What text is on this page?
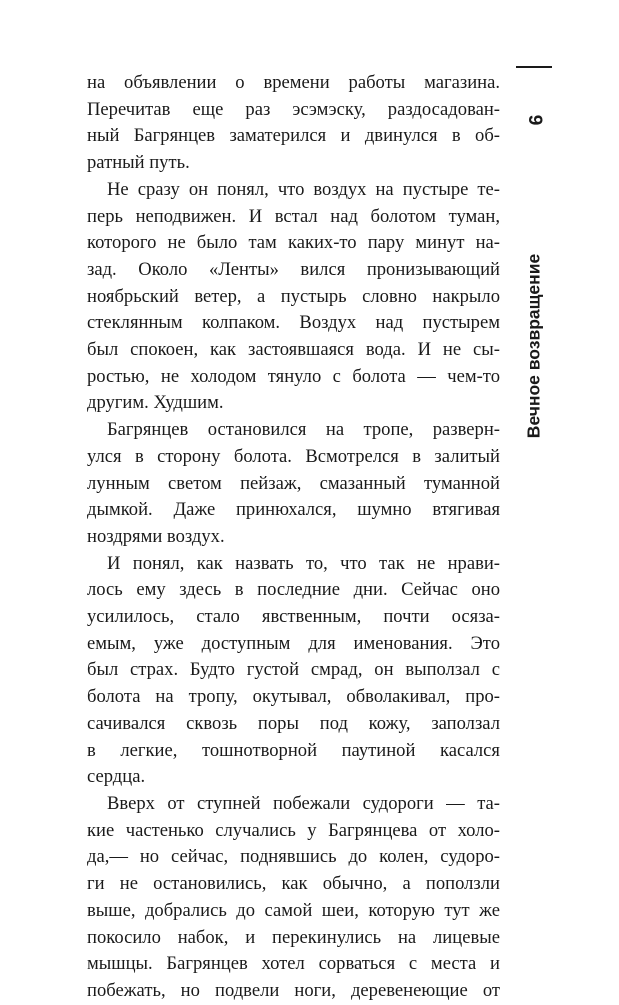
на объявлении о времени работы магазина.
Перечитав еще раз эсэмэску, раздосадован-
ный Багрянцев заматерился и двинулся в об-
ратный путь.
Не сразу он понял, что воздух на пустыре те-
перь неподвижен. И встал над болотом туман,
которого не было там каких-то пару минут на-
зад. Около «Ленты» вился пронизывающий
ноябрьский ветер, а пустырь словно накрыло
стеклянным колпаком. Воздух над пустырем
был спокоен, как застоявшаяся вода. И не сы-
ростью, не холодом тянуло с болота — чем-то
другим. Худшим.
Багрянцев остановился на тропе, разверн-
улся в сторону болота. Всмотрелся в залитый
лунным светом пейзаж, смазанный туманной
дымкой. Даже принюхался, шумно втягивая
ноздрями воздух.
И понял, как назвать то, что так не нрави-
лось ему здесь в последние дни. Сейчас оно
усилилось, стало явственным, почти осяза-
емым, уже доступным для именования. Это
был страх. Будто густой смрад, он выползал с
болота на тропу, окутывал, обволакивал, про-
сачивался сквозь поры под кожу, заползал
в легкие, тошнотворной паутиной касался
сердца.
Вверх от ступней побежали судороги — та-
кие частенько случались у Багрянцева от холо-
да,— но сейчас, поднявшись до колен, судоро-
ги не остановились, как обычно, а поползли
выше, добрались до самой шеи, которую тут же
покосило набок, и перекинулись на лицевые
мышцы. Багрянцев хотел сорваться с места и
побежать, но подвели ноги, деревенеющие от
9
Вечное возвращение
